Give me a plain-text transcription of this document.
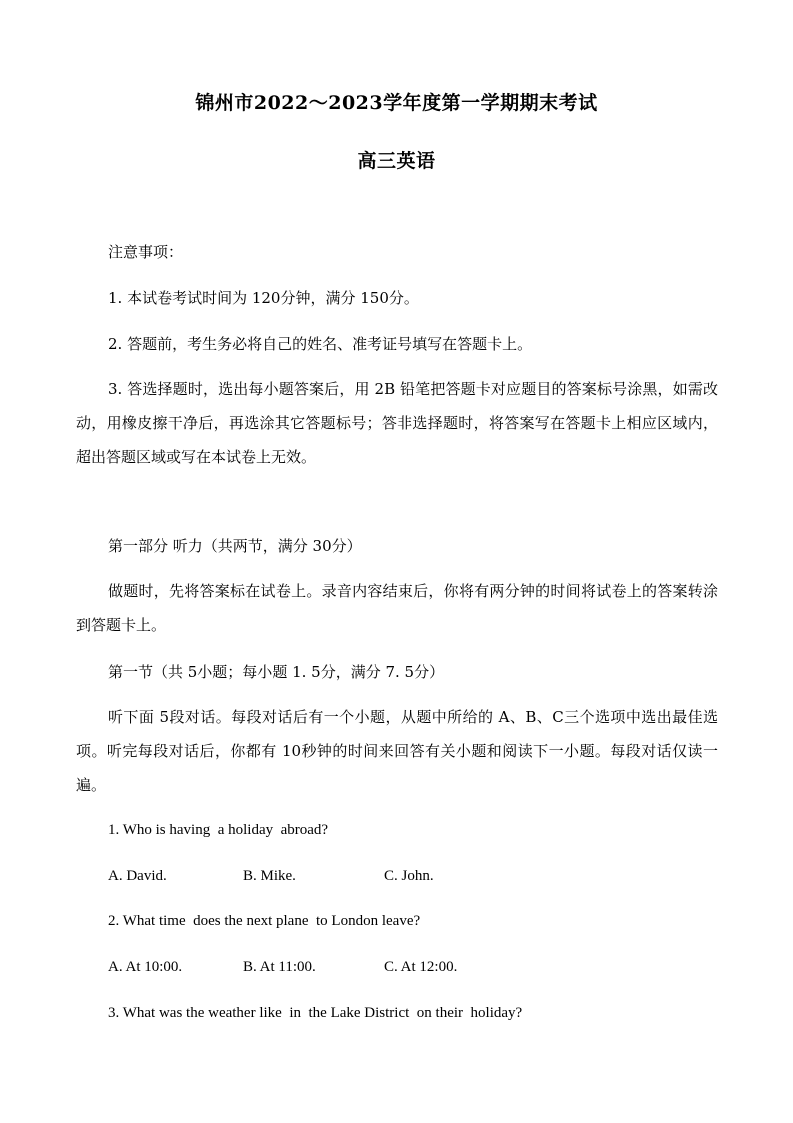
锦州市2022～2023学年度第一学期期末考试
高三英语
注意事项：
1. 本试卷考试时间为 120分钟，满分 150分。
2. 答题前，考生务必将自己的姓名、准考证号填写在答题卡上。
3. 答选择题时，选出每小题答案后，用 2B 铅笔把答题卡对应题目的答案标号涂黑，如需改动，用橡皮擦干净后，再选涂其它答题标号；答非选择题时，将答案写在答题卡上相应区域内，超出答题区域或写在本试卷上无效。
第一部分 听力（共两节，满分 30分）
做题时，先将答案标在试卷上。录音内容结束后，你将有两分钟的时间将试卷上的答案转涂到答题卡上。
第一节（共 5小题；每小题 1. 5分，满分 7. 5分）
听下面 5段对话。每段对话后有一个小题，从题中所给的 A、B、C三个选项中选出最佳选项。听完每段对话后，你都有 10秒钟的时间来回答有关小题和阅读下一小题。每段对话仅读一遍。
1. Who is having  a holiday  abroad?
A. David.	B. Mike.	C. John.
2. What time  does the next plane  to London leave?
A. At 10:00.	B. At 11:00.	C. At 12:00.
3. What was the weather like  in  the Lake District  on their  holiday?
